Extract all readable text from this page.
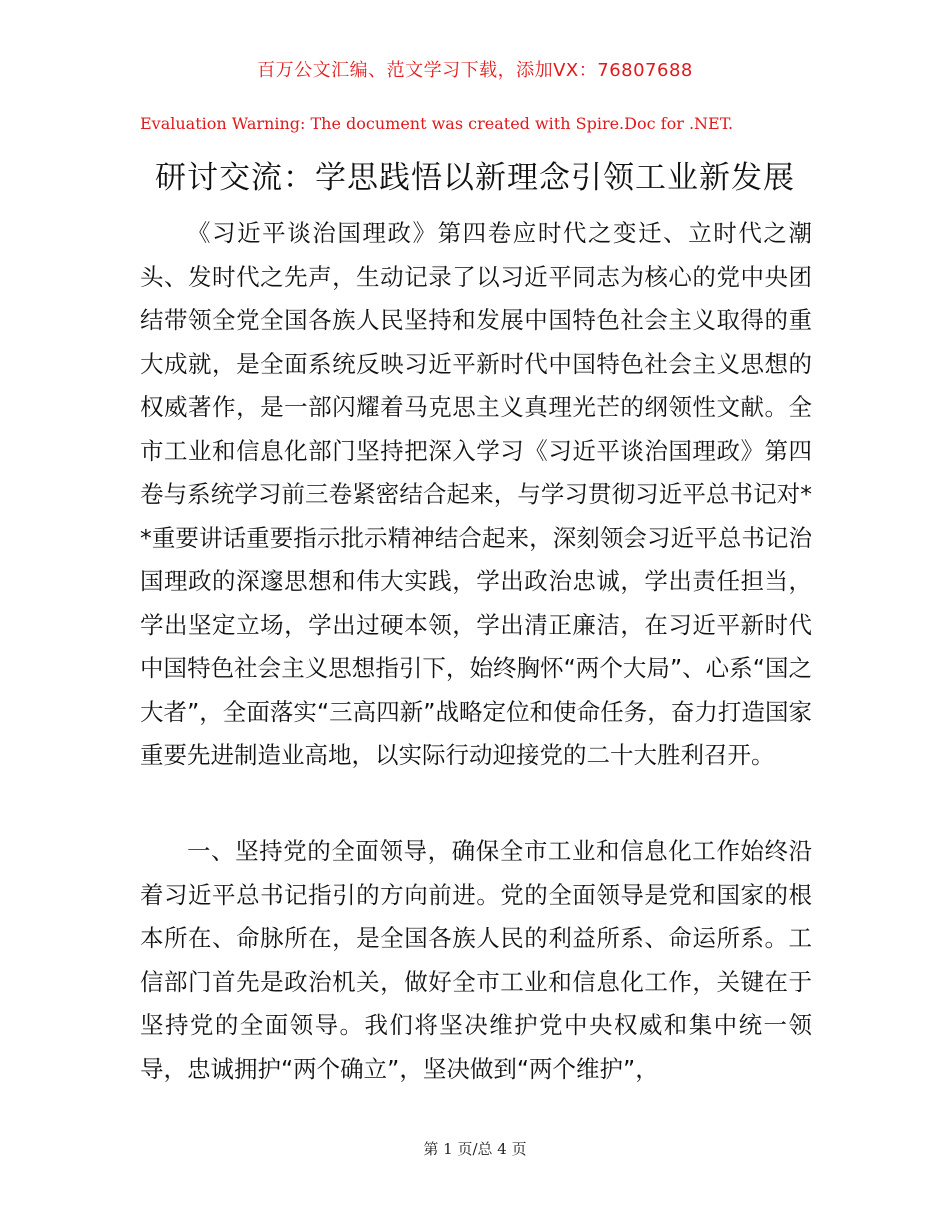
百万公文汇编、范文学习下载，添加VX：76807688
Evaluation Warning: The document was created with Spire.Doc for .NET.
研讨交流：学思践悟以新理念引领工业新发展

《习近平谈治国理政》第四卷应时代之变迁、立时代之潮头、发时代之先声，生动记录了以习近平同志为核心的党中央团结带领全党全国各族人民坚持和发展中国特色社会主义取得的重大成就，是全面系统反映习近平新时代中国特色社会主义思想的权威著作，是一部闪耀着马克思主义真理光芒的纲领性文献。全市工业和信息化部门坚持把深入学习《习近平谈治国理政》第四卷与系统学习前三卷紧密结合起来，与学习贯彻习近平总书记对**重要讲话重要指示批示精神结合起来，深刻领会习近平总书记治国理政的深邃思想和伟大实践，学出政治忠诚，学出责任担当，学出坚定立场，学出过硬本领，学出清正廉洁，在习近平新时代中国特色社会主义思想指引下，始终胸怀“两个大局”、心系“国之大者”，全面落实“三高四新”战略定位和使命任务，奋力打造国家重要先进制造业高地，以实际行动迎接党的二十大胜利召开。

一、坚持党的全面领导，确保全市工业和信息化工作始终沿着习近平总书记指引的方向前进。党的全面领导是党和国家的根本所在、命脉所在，是全国各族人民的利益所系、命运所系。工信部门首先是政治机关，做好全市工业和信息化工作，关键在于坚持党的全面领导。我们将坚决维护党中央权威和集中统一领导，忠诚拥护“两个确立”，坚决做到“两个维护”，

第 1 页/总 4 页
